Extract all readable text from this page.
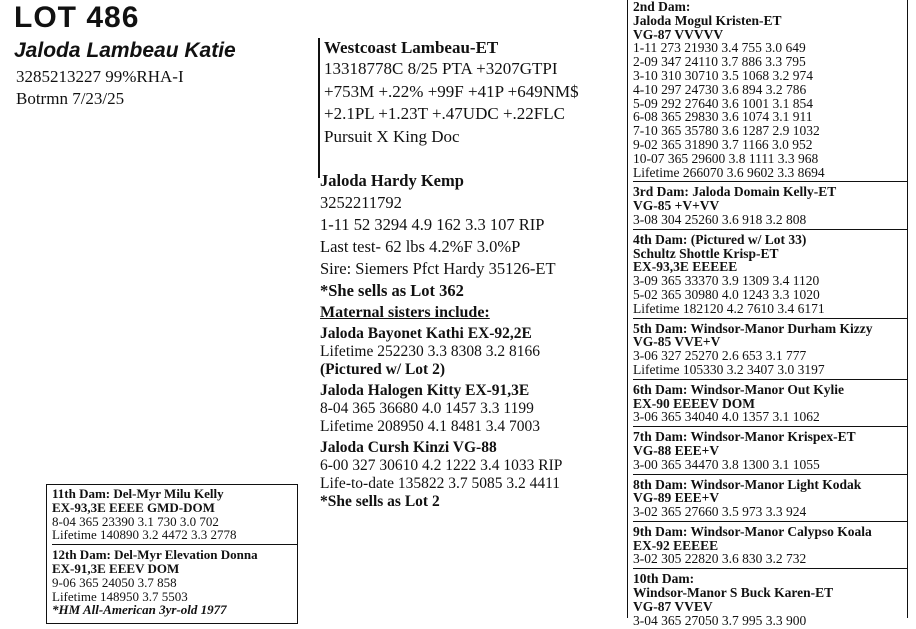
LOT 486
Jaloda Lambeau Katie
3285213227 99%RHA-I
Botrmn 7/23/25
Westcoast Lambeau-ET
13318778C 8/25 PTA +3207GTPI
+753M +.22% +99F +41P +649NM$
+2.1PL +1.23T +.47UDC +.22FLC
Pursuit X King Doc
Jaloda Hardy Kemp
3252211792
1-11 52 3294 4.9 162 3.3 107 RIP
Last test- 62 lbs 4.2%F 3.0%P
Sire: Siemers Pfct Hardy 35126-ET
*She sells as Lot 362
Maternal sisters include:
Jaloda Bayonet Kathi EX-92,2E
Lifetime 252230 3.3 8308 3.2 8166
(Pictured w/ Lot 2)
Jaloda Halogen Kitty EX-91,3E
8-04 365 36680 4.0 1457 3.3 1199
Lifetime 208950 4.1 8481 3.4 7003
Jaloda Cursh Kinzi VG-88
6-00 327 30610 4.2 1222 3.4 1033 RIP
Life-to-date 135822 3.7 5085 3.2 4411
*She sells as Lot 2
2nd Dam:
Jaloda Mogul Kristen-ET
VG-87 VVVVV
1-11 273 21930 3.4 755 3.0 649
2-09 347 24110 3.7 886 3.3 795
3-10 310 30710 3.5 1068 3.2 974
4-10 297 24730 3.6 894 3.2 786
5-09 292 27640 3.6 1001 3.1 854
6-08 365 29830 3.6 1074 3.1 911
7-10 365 35780 3.6 1287 2.9 1032
9-02 365 31890 3.7 1166 3.0 952
10-07 365 29600 3.8 1111 3.3 968
Lifetime 266070 3.6 9602 3.3 8694
3rd Dam: Jaloda Domain Kelly-ET
VG-85 +V+VV
3-08 304 25260 3.6 918 3.2 808
4th Dam: (Pictured w/ Lot 33)
Schultz Shottle Krisp-ET
EX-93,3E EEEEE
3-09 365 33370 3.9 1309 3.4 1120
5-02 365 30980 4.0 1243 3.3 1020
Lifetime 182120 4.2 7610 3.4 6171
5th Dam: Windsor-Manor Durham Kizzy
VG-85 VVE+V
3-06 327 25270 2.6 653 3.1 777
Lifetime 105330 3.2 3407 3.0 3197
6th Dam: Windsor-Manor Out Kylie
EX-90 EEEEV DOM
3-06 365 34040 4.0 1357 3.1 1062
7th Dam: Windsor-Manor Krispex-ET
VG-88 EEE+V
3-00 365 34470 3.8 1300 3.1 1055
8th Dam: Windsor-Manor Light Kodak
VG-89 EEE+V
3-02 365 27660 3.5 973 3.3 924
9th Dam: Windsor-Manor Calypso Koala
EX-92 EEEEE
3-02 305 22820 3.6 830 3.2 732
10th Dam:
Windsor-Manor S Buck Karen-ET
VG-87 VVEV
3-04 365 27050 3.7 995 3.3 900
11th Dam: Del-Myr Milu Kelly
EX-93,3E EEEE GMD-DOM
8-04 365 23390 3.1 730 3.0 702
Lifetime 140890 3.2 4472 3.3 2778
12th Dam: Del-Myr Elevation Donna
EX-91,3E EEEV DOM
9-06 365 24050 3.7 858
Lifetime 148950 3.7 5503
*HM All-American 3yr-old 1977
